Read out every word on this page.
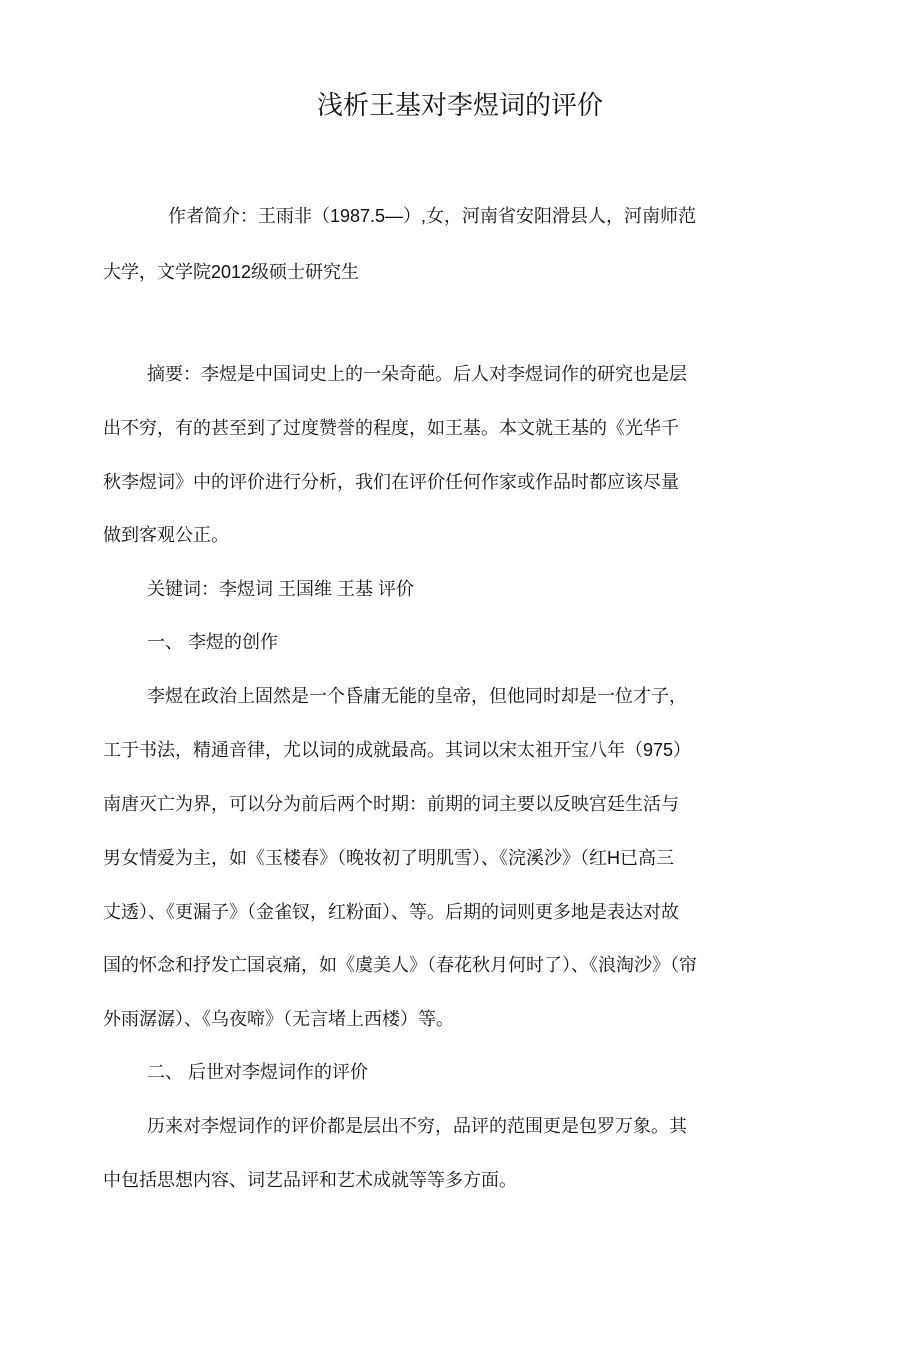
浅析王基对李煜词的评价
作者简介：王雨非（1987.5—）,女，河南省安阳滑县人，河南师范
大学，文学院2012级硕士研究生
摘要：李煜是中国词史上的一朵奇葩。后人对李煜词作的研究也是层
出不穷，有的甚至到了过度赞誉的程度，如王基。本文就王基的《光华千
秋李煜词》中的评价进行分析，我们在评价任何作家或作品时都应该尽量
做到客观公正。
关键词：李煜词 王国维 王基 评价
一、 李煜的创作
李煜在政治上固然是一个昏庸无能的皇帝，但他同时却是一位才子，
工于书法，精通音律，尤以词的成就最高。其词以宋太祖开宝八年（975）
南唐灭亡为界，可以分为前后两个时期：前期的词主要以反映宫廷生活与
男女情爱为主，如《玉楼春》（晚妆初了明肌雪）、《浣溪沙》（红H已高三
丈透）、《更漏子》（金雀钗，红粉面）、等。后期的词则更多地是表达对故
国的怀念和抒发亡国哀痛，如《虞美人》（春花秋月何时了）、《浪淘沙》（帘
外雨潺潺）、《乌夜啼》（无言堵上西楼）等。
二、 后世对李煜词作的评价
历来对李煜词作的评价都是层出不穷，品评的范围更是包罗万象。其
中包括思想内容、词艺品评和艺术成就等等多方面。
